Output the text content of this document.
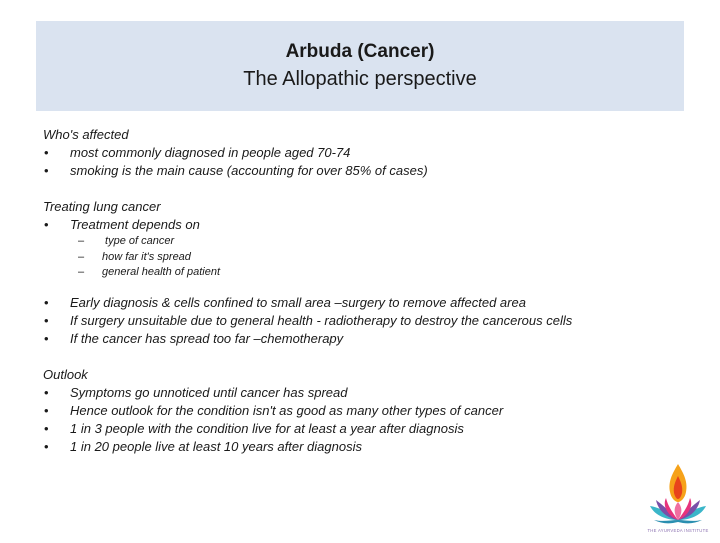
Arbuda (Cancer)
The Allopathic perspective
Who's affected
• most commonly diagnosed in people aged 70-74
• smoking is the main cause (accounting for over 85% of cases)
Treating lung cancer
• Treatment depends on
– type of cancer
– how far it's spread
– general health of patient
• Early diagnosis & cells confined to small area –surgery to remove affected area
• If surgery unsuitable due to general health - radiotherapy to destroy the cancerous cells
• If the cancer has spread too far –chemotherapy
Outlook
• Symptoms go unnoticed until cancer has spread
• Hence outlook for the condition isn't as good as many other types of cancer
• 1 in 3 people with the condition live for at least a year after diagnosis
• 1 in 20 people live at least 10 years after diagnosis
THE AYURVEDA INSTITUTE
